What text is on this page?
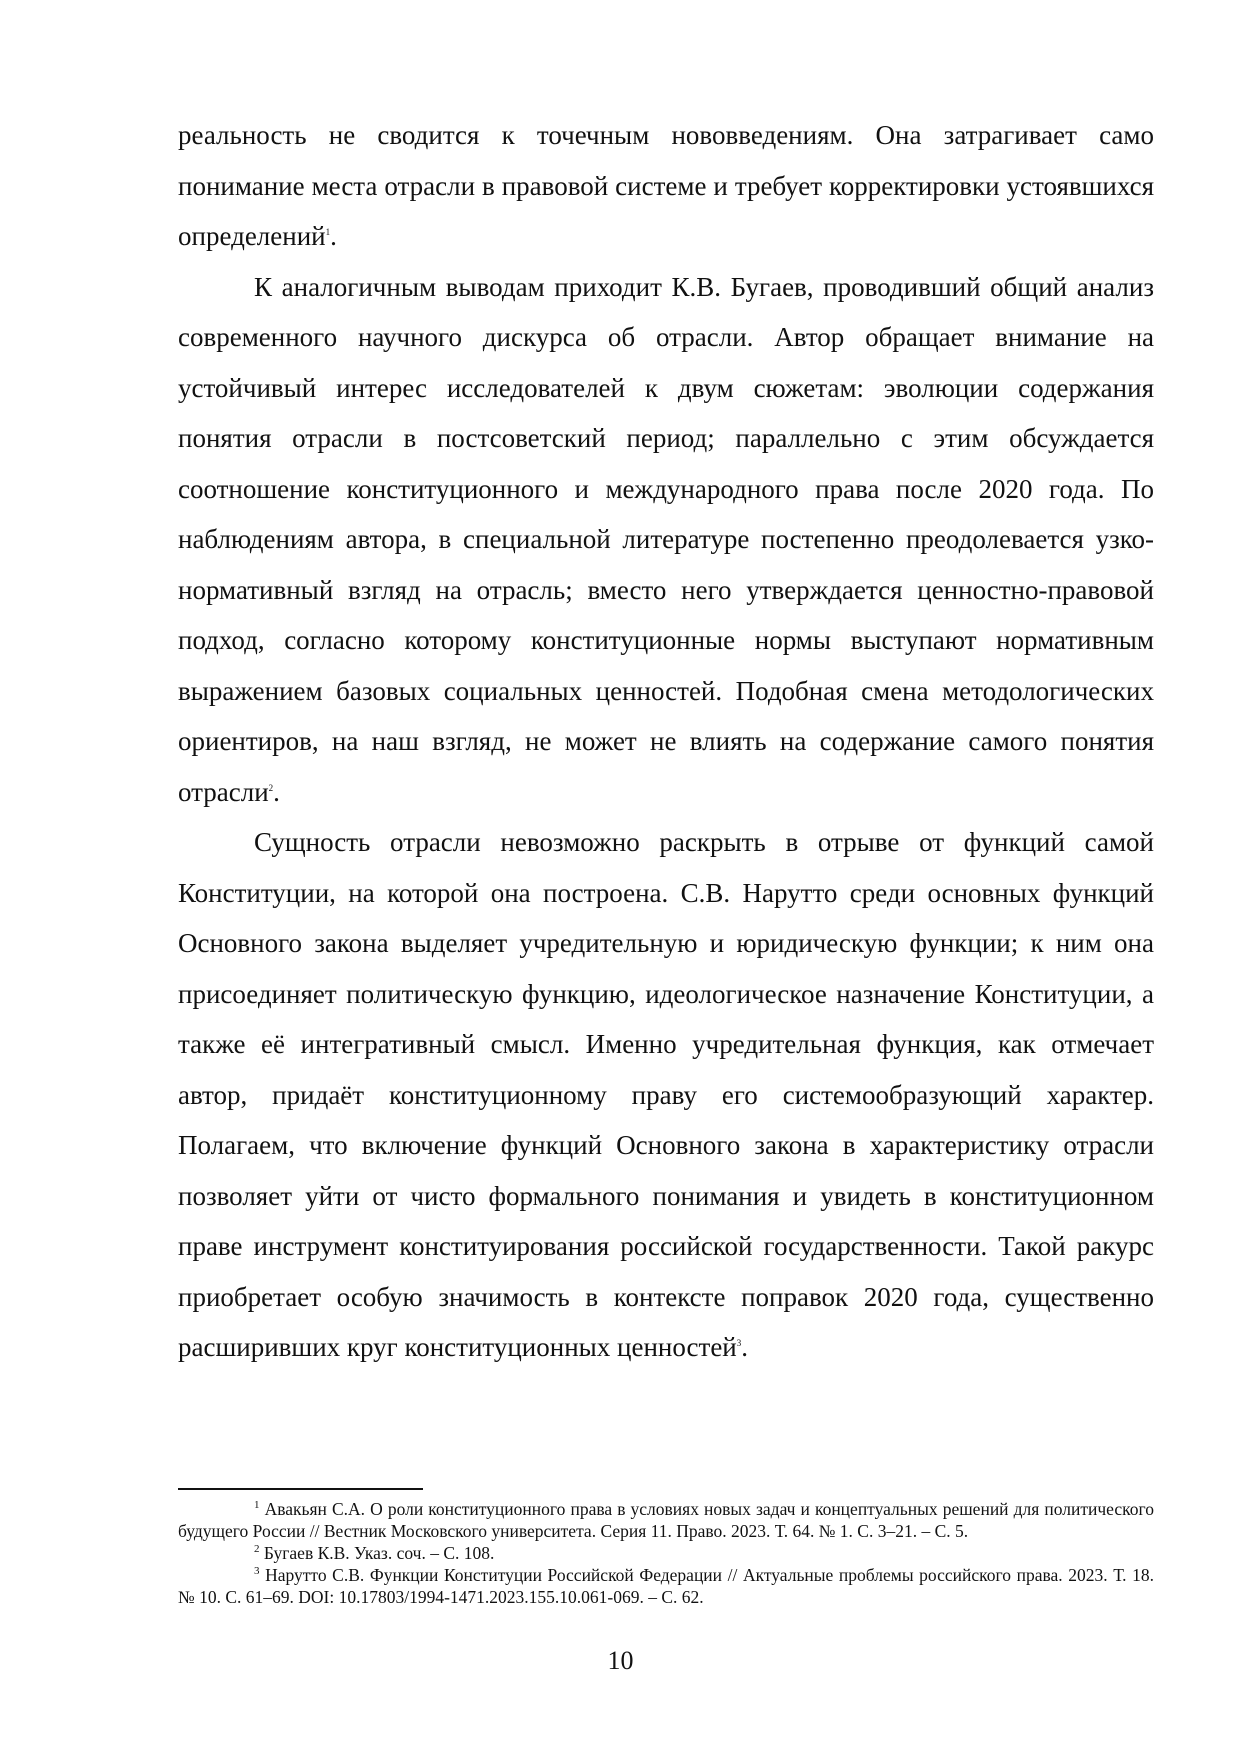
реальность не сводится к точечным нововведениям. Она затрагивает само понимание места отрасли в правовой системе и требует корректировки устоявшихся определений$^1$.

К аналогичным выводам приходит К.В. Бугаев, проводивший общий анализ современного научного дискурса об отрасли. Автор обращает внимание на устойчивый интерес исследователей к двум сюжетам: эволюции содержания понятия отрасли в постсоветский период; параллельно с этим обсуждается соотношение конституционного и международного права после 2020 года. По наблюдениям автора, в специальной литературе постепенно преодолевается узко-нормативный взгляд на отрасль; вместо него утверждается ценностно-правовой подход, согласно которому конституционные нормы выступают нормативным выражением базовых социальных ценностей. Подобная смена методологических ориентиров, на наш взгляд, не может не влиять на содержание самого понятия отрасли$^2$.

Сущность отрасли невозможно раскрыть в отрыве от функций самой Конституции, на которой она построена. С.В. Нарутто среди основных функций Основного закона выделяет учредительную и юридическую функции; к ним она присоединяет политическую функцию, идеологическое назначение Конституции, а также её интегративный смысл. Именно учредительная функция, как отмечает автор, придаёт конституционному праву его системообразующий характер. Полагаем, что включение функций Основного закона в характеристику отрасли позволяет уйти от чисто формального понимания и увидеть в конституционном праве инструмент конституирования российской государственности. Такой ракурс приобретает особую значимость в контексте поправок 2020 года, существенно расширивших круг конституционных ценностей$^3$.

$^1$ Авакьян С.А. О роли конституционного права в условиях новых задач и концептуальных решений для политического будущего России // Вестник Московского университета. Серия 11. Право. 2023. Т. 64. № 1. С. 3–21. – С. 5.

$^2$ Бугаев К.В. Указ. соч. – С. 108.

$^3$ Нарутто С.В. Функции Конституции Российской Федерации // Актуальные проблемы российского права. 2023. Т. 18. № 10. С. 61–69. DOI: 10.17803/1994-1471.2023.155.10.061-069. – С. 62.

10
